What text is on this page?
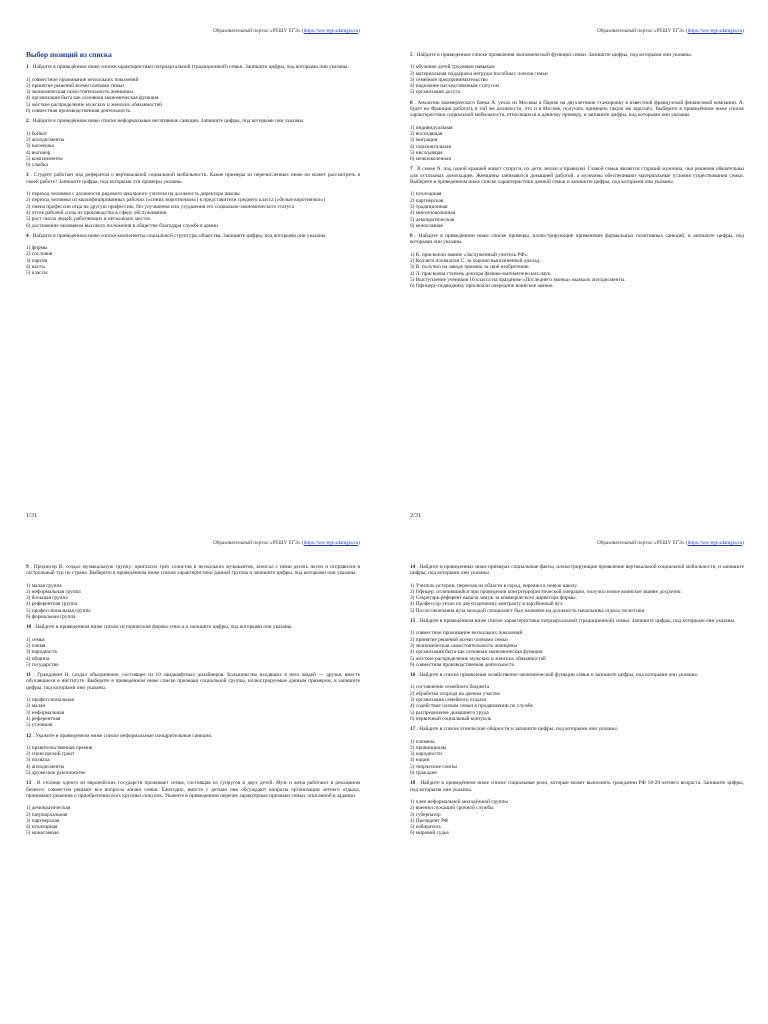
Образовательный портал «РЕШУ ЕГЭ» (https://soc-ege.sdamgia.ru)
Выбор позиций из списка

1 . Найдите в приведённом ниже списке характеристики патриархальной (традиционной) семьи. Запишите цифры, под которыми они указаны.

1) совместное проживание нескольких поколений
2) принятие решений всеми членами семьи
3) экономическая самостоятельность женщины
4) организация быта как основная экономическая функция
5) жёсткое распределение мужских и женских обязанностей
6) совместная производственная деятельность

2 . Найдите в приведённом ниже списке неформальные негативные санкции. Запишите цифры, под которыми они указаны.

1) бойкот
2) аплодисменты
3) насмешка
4) выговор
5) комплименты
6) улыбка

3 . Студент работает над рефератом о вертикальной социальной мобильности. Какие примеры из перечисленных ниже он может рассмотреть в своей работе? Запишите цифры, под которыми эти примеры указаны.

1) переход человека с должности рядового школьного учителя на должность директора школы
2) переход человека из квалифицированных рабочих («синих воротничков») в представители среднего класса («белые воротнички»)
3) смена профессии отца на другую профессию, без улучшения или ухудшения его социально-экономического статуса
4) отток рабочей силы из производства в сферу обслуживания
5) рост числа людей, работающих в нескольких местах
6) достижение человеком высокого положения в обществе благодаря службе в армии

4 . Найдите в приведенном ниже списке компоненты социальной структуры общества. Запишите цифры, под которыми они указаны.

1) фирмы
2) сословия
3) партии
4) касты
5) классы
1/31
Образовательный портал «РЕШУ ЕГЭ» (https://soc-ege.sdamgia.ru)

5 . Найдите в приведенном списке проявления экономической функции семьи. Запишите цифры, под которыми они указаны.

1) обучение детей трудовым навыкам
2) материальная поддержка нетрудоспособных членов семьи
3) семейное предпринимательство
4) наделение наследственным статусом
5) организация досуга

6 . Аналитик коммерческого банка А. уехал из Москвы в Париж на двухлетнюю стажировку в известной французской финансовой компании. А. будет во Франции работать в той же должности, что и в Москве, получать примерно такую же зарплату. Выберите в приведённом ниже списке характеристики социальной мобильности, относящиеся к данному примеру, и запишите цифры, под которыми они указаны.

1) индивидуальная
2) восходящая
3) миграция
4) горизонтальная
5) нисходящая
6) межпоколенная

7 . В семье N. под одной крышей живут супруги, их дети, внуки и правнуки. Главой семьи является старший мужчина, чьи решения обязательны для остальных домочадцев. Женщины занимаются домашней работой, а мужчины обеспечивают материальные условия существования семьи. Выберите в приведённом ниже списке характеристики данной семьи и запишите цифры, под которыми они указаны.

1) нуклеарная
2) партнёрская
3) традиционная
4) многопоколенная
5) демократическая
6) моногамная

8 . Найдите в приведённом ниже списке примеры, иллюстрирующие применение формальных позитивных санкций, и запишите цифры, под которыми они указаны.

1) К. присвоили звание «Заслуженный учитель РФ».
2) Коллеги похвалили С. за хорошо выполненный доклад.
3) В. получил на заводе премию за своё изобретение.
4) Л. присвоена степень доктора физико-математических наук.
5) Выступление учеников 10 класса на празднике «Последнего звонка» вызвало аплодисменты.
6) Офицеру-подводнику присвоили очередное воинское звание.
2/31
Образовательный портал «РЕШУ ЕГЭ» (https://soc-ege.sdamgia.ru)

9 . Продюсер В. создал музыкальную группу: пригласил трёх солистов и нескольких музыкантов, записал с ними десять песен и отправился в гастрольный тур по стране. Выберите в приведённом ниже списке характеристики данной группы и запишите цифры, под которыми они указаны.

1) малая группа
2) неформальная группа
3) большая группа
4) референтная группа
5) профессиональная группа
6) формальная группа

10 . Найдите в приведенном ниже списке исторические формы этноса и запишите цифры, под которыми они указаны.

1) семья
2) племя
3) народность
4) община
5) государство

11 . Гражданин Н. создал объединение, состоящее из 10 ландшафтных дизайнеров. Большинство входящих в него людей — друзья, вместе обучавшиеся в институте. Выберите в приведённом ниже списке признаки социальной группы, иллюстрируемые данным примером, и запишите цифры, под которыми они указаны.

1) профессиональная
2) малая
3) неформальная
4) референтная
5) условная

12 . Укажите в приведенном ниже списке неформальные поощрительные санкции.

1) правительственная премия
2) спонсорский грант
3) похвала
4) аплодисменты
5) дружеское рукопожатие

13 . В столице одного из европейских государств проживает семья, состоящая из супругов и двух детей. Муж и жена работают в рекламном бизнесе, совместно решают все вопросы жизни семьи. Ежегодно, вместе с детьми они обсуждают вопросы организации летнего отдыха, принимают решения о приобретении всех крупных покупок. Укажите в приведенном перечне характерные признаки семьи, описанной в задании.

1) демократическая
2) патриархальная
3) партнерская
4) нуклеарная
5) моногамная
Образовательный портал «РЕШУ ЕГЭ» (https://soc-ege.sdamgia.ru)

14 . Найдите в приведенных ниже примерах социальные факты, иллюстрирующие проявление вертикальной социальной мобильности, и запишите цифры, под которыми они указаны.

1) Учитель истории, переехав из области в город, перешел в новую школу.
2) Офицер, отличившийся при проведении контртеррористической операции, получил новое воинское звание досрочно.
3) Секретарь-референт вышла замуж за коммерческого директора фирмы.
4) Профессор уехал по двухгодичному контракту в зарубежный вуз.
5) После окончания вуза молодой специалист был назначен на должность начальника отдела логистики.

15 . Найдите в приведённом ниже списке характеристики патриархальной (традиционной) семьи. Запишите цифры, под которыми они указаны.

1) совместное проживание нескольких поколений
2) принятие решений всеми членами семьи
3) экономическая самостоятельность женщины
4) организация быта как основная экономическая функция
5) жёсткое распределение мужских и женских обязанностей
6) совместная производственная деятельность

16 . Найдите в списке проявления хозяйственно-экономической функции семьи и запишите цифры, под которыми они указаны.

1) составление семейного бюджета
2) обработка огорода на дачном участке
3) организация семейного отдыха
4) содействие членам семьи в продвижении по службе
5) распределение домашнего труда
6) первичный социальный контроль

17 . Найдите в списке этнические общности и запишите цифры, под которыми они указаны.

1) племена
2) провинциалы
3) народности
4) нации
5) творческие союзы
6) граждане

18 . Найдите в приведённом ниже списке социальные роли, которые может выполнять гражданин РФ 18-20-летнего возраста. Запишите цифры, под которыми они указаны.

1) член неформальной молодёжной группы
2) военнослужащий срочной службы
3) губернатор
4) Президент РФ
5) избиратель
6) мировой судья
